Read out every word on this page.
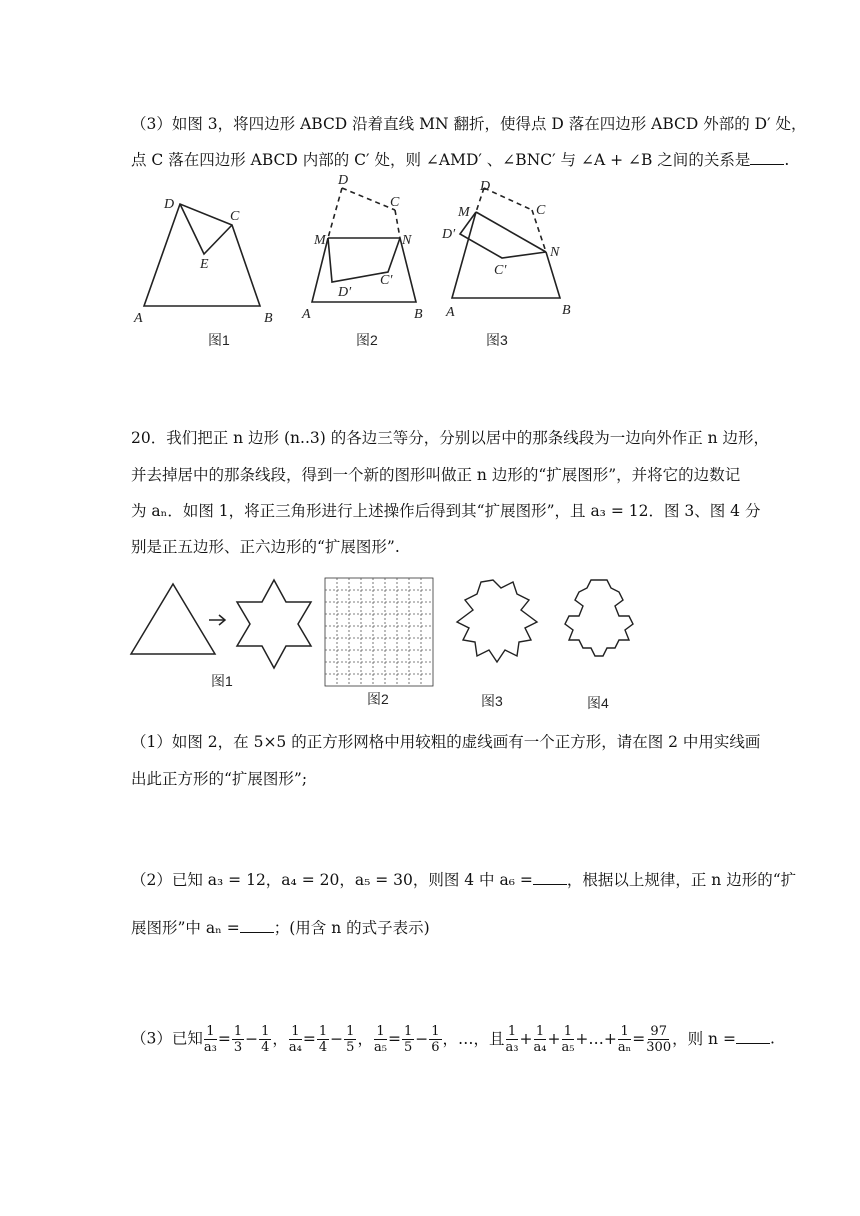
（3）如图 3，将四边形 ABCD 沿着直线 MN 翻折，使得点 D 落在四边形 ABCD 外部的 D′ 处，
点 C 落在四边形 ABCD 内部的 C′ 处，则 ∠AMD′ 、∠BNC′ 与 ∠A + ∠B 之间的关系是 .
D
C
E
A	B
D
C
M	N
D′
C′
A	B
D
C
M
D′
N
C′
A	B
图1	图2	图3
20．我们把正 n 边形 (n..3) 的各边三等分，分别以居中的那条线段为一边向外作正 n 边形，
并去掉居中的那条线段，得到一个新的图形叫做正 n 边形的“扩展图形”，并将它的边数记
为 aₙ．如图 1，将正三角形进行上述操作后得到其“扩展图形”，且 a₃ = 12．图 3、图 4 分
别是正五边形、正六边形的“扩展图形”.
图1
图2	图3	图4
（1）如图 2，在 5×5 的正方形网格中用较粗的虚线画有一个正方形，请在图 2 中用实线画
出此正方形的“扩展图形”;
（2）已知 a₃ = 12，a₄ = 20，a₅ = 30，则图 4 中 a₆ = ，根据以上规律，正 n 边形的“扩
展图形”中 aₙ = ；(用含 n 的式子表示)
（3）已知 $\frac{1}{\text{a₃}} = \frac{1}{3} - \frac{1}{4}$ ， $\frac{1}{\text{a₄}} = \frac{1}{4} - \frac{1}{5}$ ， $\frac{1}{\text{a₅}} = \frac{1}{5} - \frac{1}{6}$ ，…，且 $\frac{1}{\text{a₃}} + \frac{1}{\text{a₄}} + \frac{1}{\text{a₅}}$ +…+ $\frac{1}{\text{aₙ}} = \frac{97}{300}$ ，则 n = .
